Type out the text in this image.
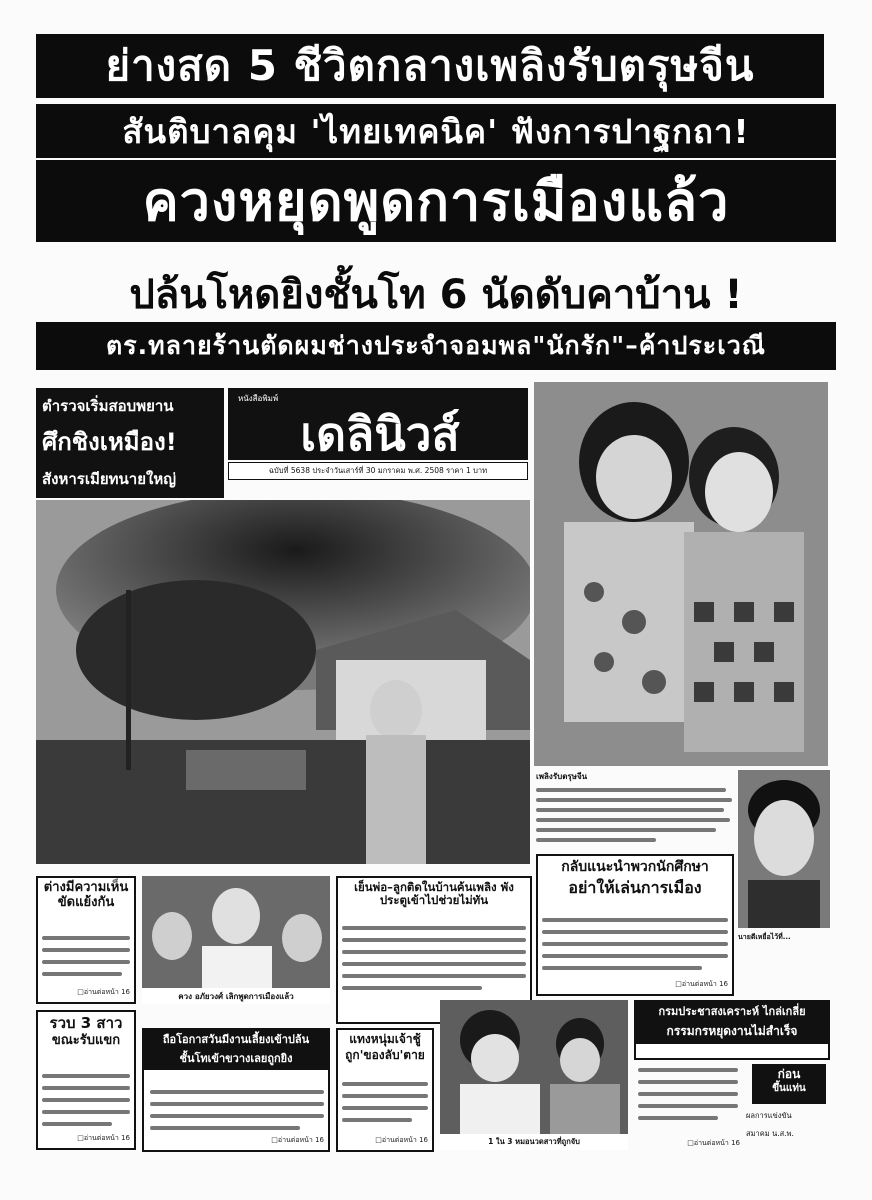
ย่างสด 5 ชีวิตกลางเพลิงรับตรุษจีน
สันติบาลคุม 'ไทยเทคนิค' ฟังการปาฐกถา!
ควงหยุดพูดการเมืองแล้ว
ปล้นโหดยิงชั้นโท 6 นัดดับคาบ้าน !
ตร.ทลายร้านตัดผมช่างประจำจอมพล"นักรัก"–ค้าประเวณี
ตำรวจเริ่มสอบพยาน
ศึกชิงเหมือง!
สังหารเมียทนายใหญ่
หนังสือพิมพ์
เดลินิวส์
ฉบับที่ 5638 ประจำวันเสาร์ที่ 30 มกราคม พ.ศ. 2508 ราคา 1 บาท
เพลิงรับตรุษจีน
นายตีเหยื่อไว้ที่...
ต่างมีความเห็น ขัดแย้งกัน
□ อ่านต่อหน้า 16	ควง อภัยวงศ์ เลิกพูดการเมืองแล้ว
เย็นพ่อ–ลูกติดในบ้านค้นเพลิง พังประตูเข้าไปช่วยไม่ทัน
□
กลับแนะนำพวกนักศึกษา
อย่าให้เล่นการเมือง
□ อ่านต่อหน้า 16
รวบ 3 สาว
ขณะรับแขก
□ อ่านต่อหน้า 16
ถือโอกาสวันมีงานเลี้ยงเข้าปล้น
ชั้นโทเข้าขวางเลยถูกยิง
□ อ่านต่อหน้า 16
แทงหนุ่มเจ้าชู้
ถูก'ของลับ'ตาย
□ อ่านต่อหน้า 16	1 ใน 3 หมอนวดสาวที่ถูกจับ
กรมประชาสงเคราะห์ ไกล่เกลี่ย
กรรมกรหยุดงานไม่สำเร็จ
□ อ่านต่อหน้า 16
ก่อน
ขึ้นแท่น
ผลการแข่งขัน
สมาคม น.ส.พ.
